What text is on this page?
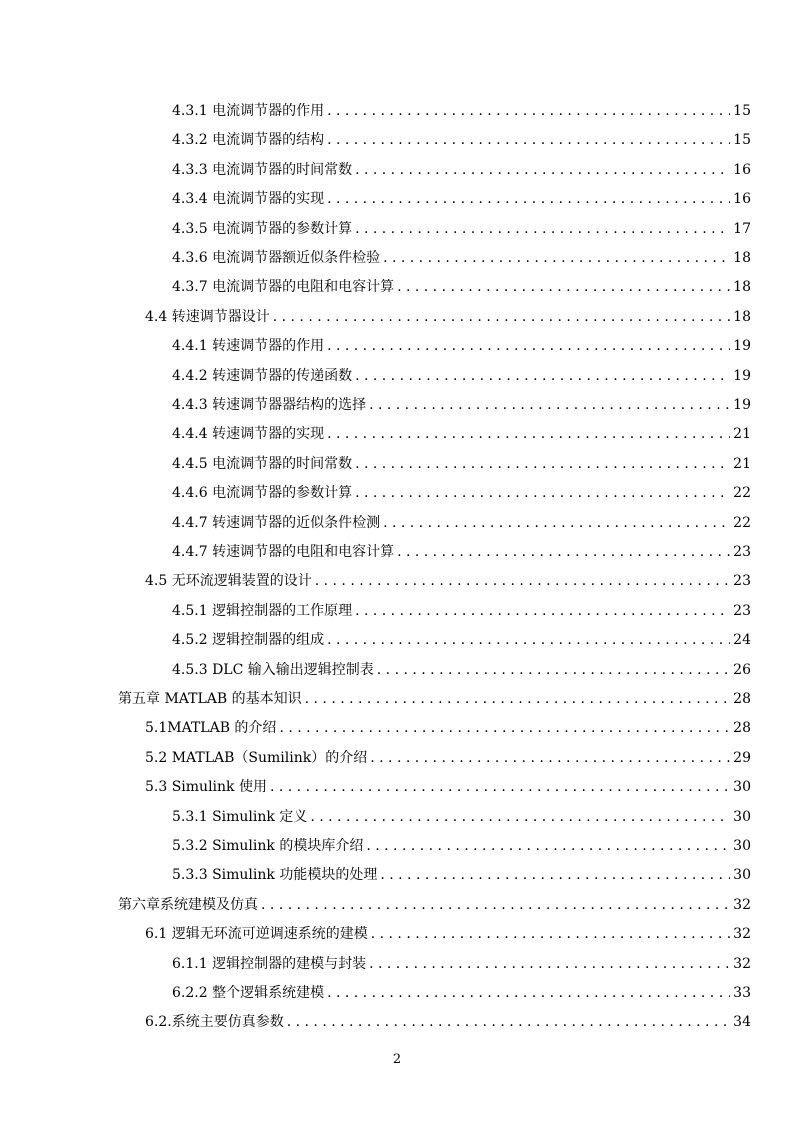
4.3.1 电流调节器的作用 . . .	15
4.3.2 电流调节器的结构 . . .	15
4.3.3 电流调节器的时间常数 . . .	16
4.3.4 电流调节器的实现 . . .	16
4.3.5 电流调节器的参数计算 . . .	17
4.3.6 电流调节器额近似条件检验 . . .	18
4.3.7 电流调节器的电阻和电容计算 . . .	18
4.4 转速调节器设计 . . .	18
4.4.1 转速调节器的作用 . . .	19
4.4.2 转速调节器的传递函数 . . .	19
4.4.3 转速调节器器结构的选择 . . .	19
4.4.4 转速调节器的实现 . . .	21
4.4.5 电流调节器的时间常数 . . .	21
4.4.6 电流调节器的参数计算 . . .	22
4.4.7 转速调节器的近似条件检测 . . .	22
4.4.7 转速调节器的电阻和电容计算 . . .	23
4.5 无环流逻辑装置的设计 . . .	23
4.5.1 逻辑控制器的工作原理 . . .	23
4.5.2 逻辑控制器的组成 . . .	24
4.5.3 DLC 输入输出逻辑控制表 . . .	26
第五章 MATLAB 的基本知识 . . .	28
5.1MATLAB 的介绍 . . .	28
5.2 MATLAB（Sumilink）的介绍 . . .	29
5.3 Simulink 使用 . . .	30
5.3.1 Simulink 定义 . . .	30
5.3.2 Simulink 的模块库介绍 . . .	30
5.3.3 Simulink 功能模块的处理 . . .	30
第六章系统建模及仿真 . . .	32
6.1 逻辑无环流可逆调速系统的建模 . . .	32
6.1.1 逻辑控制器的建模与封装 . . .	32
6.2.2 整个逻辑系统建模 . . .	33
6.2.系统主要仿真参数 . . .	34
2
